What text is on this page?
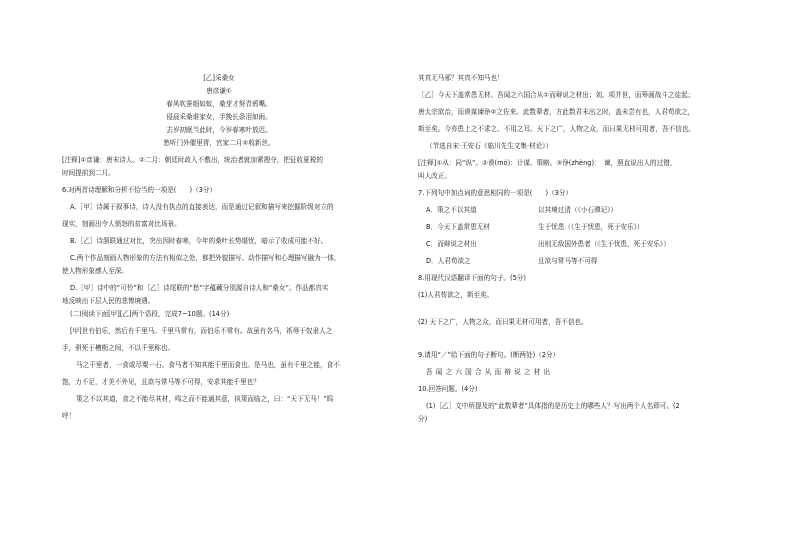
[乙]采桑女
唐彦谦①
春风吹蚕细如蚁，桑芽才努青鸦嘴。
侵晨采桑谁家女，手挽长条泪如雨。
去岁初眠当此时，今岁春寒叶放迟。
愁听门外催里胥，官家二月②收新丝。
[注释]①彦谦：唐末诗人。②二月：朝廷时政入不敷出，统治者就加紧搜夺，把征收夏税的
时间提前到二月。
6.对两首诗理解和分析不恰当的一项是(　　)（3分）
A.［甲］诗属于叙事诗，诗人没有执点的直接表达，而是通过记叙和描写来挖掘阶级对立的
现实，刻画出令人愤怒的贫富对比场景。
B.［乙］诗颔联通过对比，突出因时春寒，今年的桑叶长势堪忧，暗示了收成可能不好。
C.两个作品刻画人物形象的方法有相似之处，都把外貌描写、动作描写和心理描写融为一体，
使人物形象感人至深。
D.［甲］诗中的“可怜”和［乙］诗尾联的“愁”字蕴藏分别源自诗人和“桑女”。作品都真实
地反映出下层人民的悲惨境遇。
(二)阅读下面[甲][乙]两个语段，完成7~10题。(14分)
[甲]世有伯乐，然后有千里马。千里马常有，而伯乐不常有。故虽有名马，祇辱于奴隶人之
手，骈死于槽枥之间，不以千里称也。
马之千里者，一食或尽粟一石。食马者不知其能千里而食也。是马也，虽有千里之能，食不
饱，力不足，才美不外见，且欲与常马等不可得，安求其能千里也？
策之不以其道，食之不能尽其材，鸣之而不能通其意，执策而临之，曰：“天下无马！”呜
呼！
其真无马邪？其真不知马也！
［乙］今天下盖常患无材。吾闻之六国合从①而辩说之材出；刘、项并世，而筹画战斗之徒起；
唐太宗欲治，而谟谋谏诤②之佐来。此数辈者，方此数君未出之时，盖未尝有也，人君苟欲之，
斯至矣。今亦患上之不求之、不用之耳。天下之广，人物之众，而曰果无材可用者，吾不信也。
（节选自宋·王安石《临川先生文集·材论》）
[注释]①从：同“纵”。②谟(mó)：计谋、策略。③诤(zhèng)：　谏，照直说出人的过错，
叫人改正。
7.下列句中加点词的意思相同的一项是(　　)（3分）
A．策之不以其道	以其境过清（《小石潭记》）
B．今天下盖常患无材	生于忧患（《生于忧患，死于安乐》）
C．而辩说之材出	出则无敌国外患者（《生于忧患，死于安乐》）
D．人君苟欲之	且欲与常马等不可得
8.用现代汉语翻译下面的句子。(5分)
(1)人君苟欲之，斯至矣。
(2) 天下之广，人物之众，而曰果无材可用者，吾不信也。
9.请用“／”给下面的句子断句。(断两处)（2分）
吾闻之六国合从而辩说之材出
10.回答问题。(4分)
(1)［乙］文中所提及的“此数辈者”具体指的是历史上的哪些人？写出两个人名即可。(2
分)
